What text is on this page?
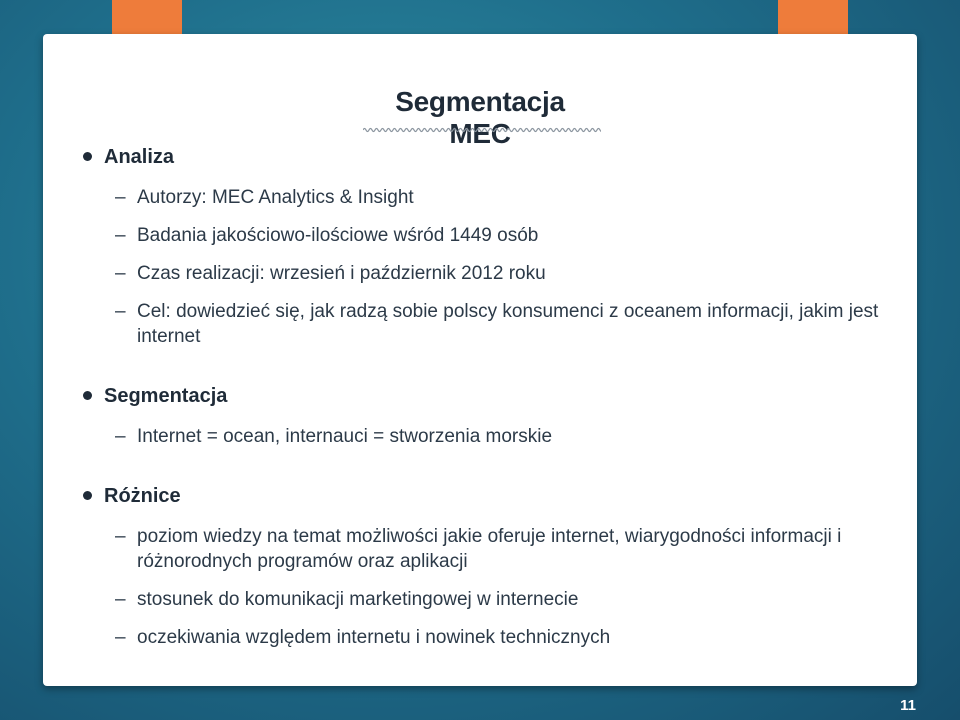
Segmentacja MEC
Analiza
– Autorzy: MEC Analytics & Insight
– Badania jakościowo-ilościowe wśród 1449 osób
– Czas realizacji: wrzesień i październik 2012 roku
– Cel: dowiedzieć się, jak radzą sobie polscy konsumenci z oceanem informacji, jakim jest internet
Segmentacja
– Internet = ocean, internauci = stworzenia morskie
Różnice
– poziom wiedzy na temat możliwości jakie oferuje internet, wiarygodności informacji i różnorodnych programów oraz aplikacji
– stosunek do komunikacji marketingowej w internecie
– oczekiwania względem internetu i nowinek technicznych
11
